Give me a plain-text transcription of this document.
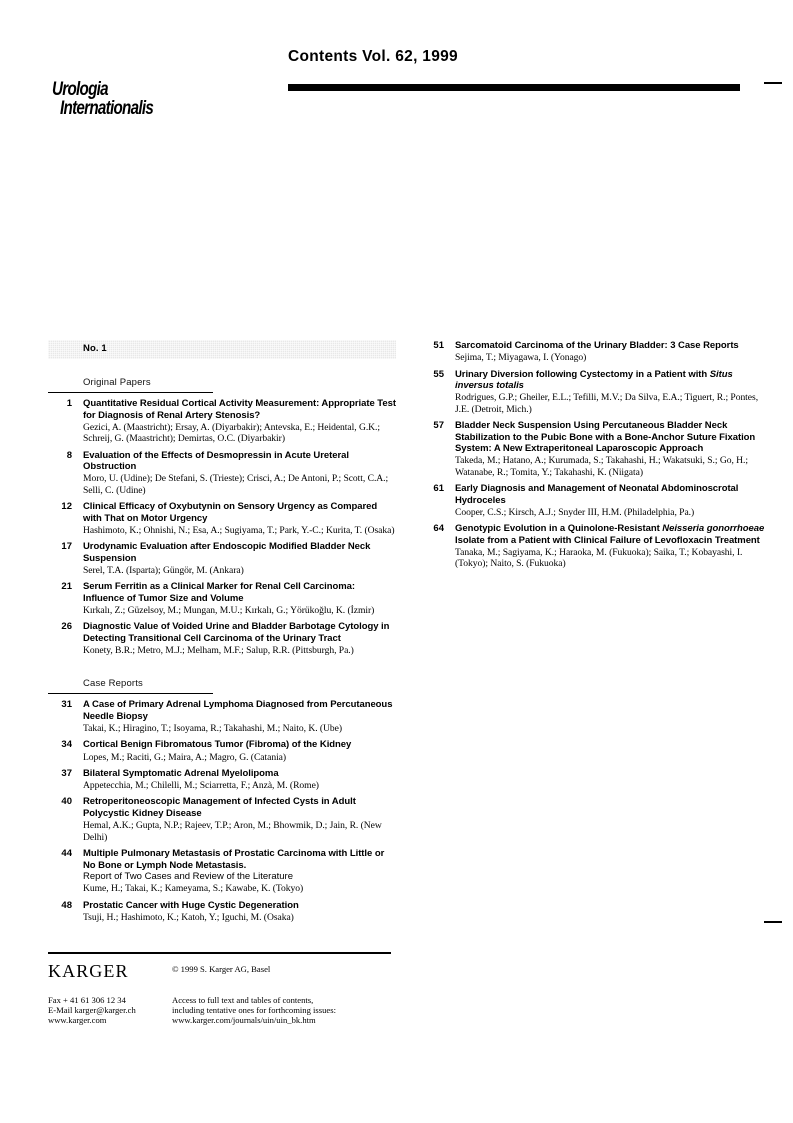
Contents Vol. 62, 1999
Urologia
Internationalis
No. 1
Original Papers
1 Quantitative Residual Cortical Activity Measurement: Appropriate Test for Diagnosis of Renal Artery Stenosis?
Gezici, A. (Maastricht); Ersay, A. (Diyarbakir); Antevska, E.; Heidental, G.K.; Schreij, G. (Maastricht); Demirtas, O.C. (Diyarbakir)
8 Evaluation of the Effects of Desmopressin in Acute Ureteral Obstruction
Moro, U. (Udine); De Stefani, S. (Trieste); Crisci, A.; De Antoni, P.; Scott, C.A.; Selli, C. (Udine)
12 Clinical Efficacy of Oxybutynin on Sensory Urgency as Compared with That on Motor Urgency
Hashimoto, K.; Ohnishi, N.; Esa, A.; Sugiyama, T.; Park, Y.-C.; Kurita, T. (Osaka)
17 Urodynamic Evaluation after Endoscopic Modified Bladder Neck Suspension
Serel, T.A. (Isparta); Güngör, M. (Ankara)
21 Serum Ferritin as a Clinical Marker for Renal Cell Carcinoma: Influence of Tumor Size and Volume
Kırkalı, Z.; Güzelsoy, M.; Mungan, M.U.; Kırkalı, G.; Yörükoğlu, K. (İzmir)
26 Diagnostic Value of Voided Urine and Bladder Barbotage Cytology in Detecting Transitional Cell Carcinoma of the Urinary Tract
Konety, B.R.; Metro, M.J.; Melham, M.F.; Salup, R.R. (Pittsburgh, Pa.)
Case Reports
31 A Case of Primary Adrenal Lymphoma Diagnosed from Percutaneous Needle Biopsy
Takai, K.; Hiragino, T.; Isoyama, R.; Takahashi, M.; Naito, K. (Ube)
34 Cortical Benign Fibromatous Tumor (Fibroma) of the Kidney
Lopes, M.; Raciti, G.; Maira, A.; Magro, G. (Catania)
37 Bilateral Symptomatic Adrenal Myelolipoma
Appetecchia, M.; Chilelli, M.; Sciarretta, F.; Anzà, M. (Rome)
40 Retroperitoneoscopic Management of Infected Cysts in Adult Polycystic Kidney Disease
Hemal, A.K.; Gupta, N.P.; Rajeev, T.P.; Aron, M.; Bhowmik, D.; Jain, R. (New Delhi)
44 Multiple Pulmonary Metastasis of Prostatic Carcinoma with Little or No Bone or Lymph Node Metastasis.
Report of Two Cases and Review of the Literature
Kume, H.; Takai, K.; Kameyama, S.; Kawabe, K. (Tokyo)
48 Prostatic Cancer with Huge Cystic Degeneration
Tsuji, H.; Hashimoto, K.; Katoh, Y.; Iguchi, M. (Osaka)
51 Sarcomatoid Carcinoma of the Urinary Bladder: 3 Case Reports
Sejima, T.; Miyagawa, I. (Yonago)
55 Urinary Diversion following Cystectomy in a Patient with Situs inversus totalis
Rodrigues, G.P.; Gheiler, E.L.; Tefilli, M.V.; Da Silva, E.A.; Tiguert, R.; Pontes, J.E. (Detroit, Mich.)
57 Bladder Neck Suspension Using Percutaneous Bladder Neck Stabilization to the Pubic Bone with a Bone-Anchor Suture Fixation System: A New Extraperitoneal Laparoscopic Approach
Takeda, M.; Hatano, A.; Kurumada, S.; Takahashi, H.; Wakatsuki, S.; Go, H.; Watanabe, R.; Tomita, Y.; Takahashi, K. (Niigata)
61 Early Diagnosis and Management of Neonatal Abdominoscrotal Hydroceles
Cooper, C.S.; Kirsch, A.J.; Snyder III, H.M. (Philadelphia, Pa.)
64 Genotypic Evolution in a Quinolone-Resistant Neisseria gonorrhoeae Isolate from a Patient with Clinical Failure of Levofloxacin Treatment
Tanaka, M.; Sagiyama, K.; Haraoka, M. (Fukuoka); Saika, T.; Kobayashi, I. (Tokyo); Naito, S. (Fukuoka)
KARGER	© 1999 S. Karger AG, Basel
Fax + 41 61 306 12 34
E-Mail karger@karger.ch
www.karger.com
Access to full text and tables of contents,
including tentative ones for forthcoming issues:
www.karger.com/journals/uin/uin_bk.htm
